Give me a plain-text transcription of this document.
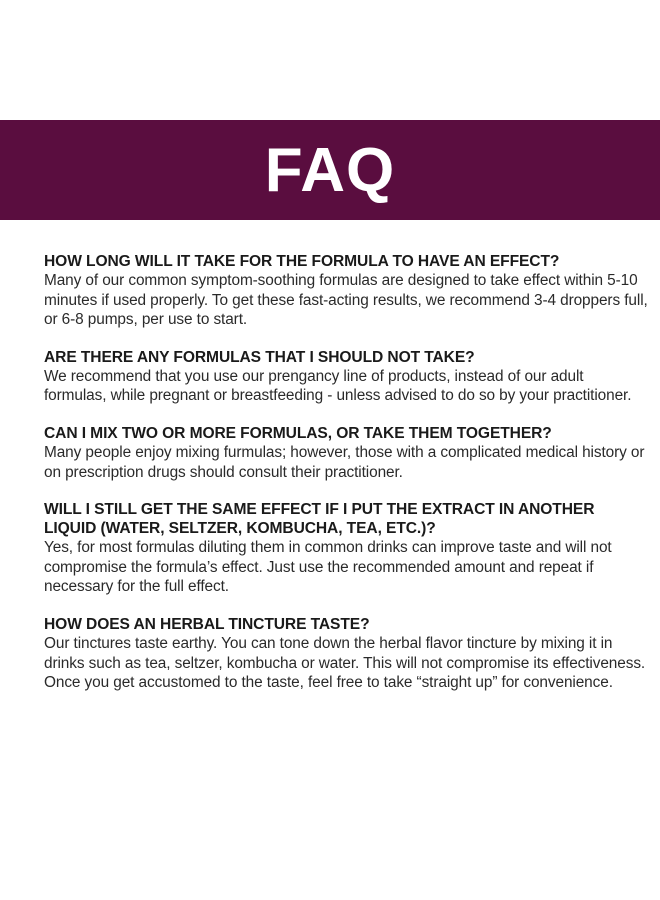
FAQ

HOW LONG WILL IT TAKE FOR THE FORMULA TO HAVE AN EFFECT?

Many of our common symptom-soothing formulas are designed to take effect within 5-10 minutes if used properly. To get these fast-acting results, we recommend 3-4 droppers full, or 6-8 pumps, per use to start.

ARE THERE ANY FORMULAS THAT I SHOULD NOT TAKE?

We recommend that you use our prengancy line of products, instead of our adult formulas, while pregnant or breastfeeding - unless advised to do so by your practitioner.

CAN I MIX TWO OR MORE FORMULAS, OR TAKE THEM TOGETHER?

Many people enjoy mixing furmulas; however, those with a complicated medical history or on prescription drugs should consult their practitioner.

WILL I STILL GET THE SAME EFFECT IF I PUT THE EXTRACT IN ANOTHER LIQUID (WATER, SELTZER, KOMBUCHA, TEA, ETC.)?

Yes, for most formulas diluting them in common drinks can improve taste and will not compromise the formula’s effect. Just use the recommended amount and repeat if necessary for the full effect.

HOW DOES AN HERBAL TINCTURE TASTE?

Our tinctures taste earthy. You can tone down the herbal flavor tincture by mixing it in drinks such as tea, seltzer, kombucha or water. This will not compromise its effectiveness. Once you get accustomed to the taste, feel free to take “straight up” for convenience.
